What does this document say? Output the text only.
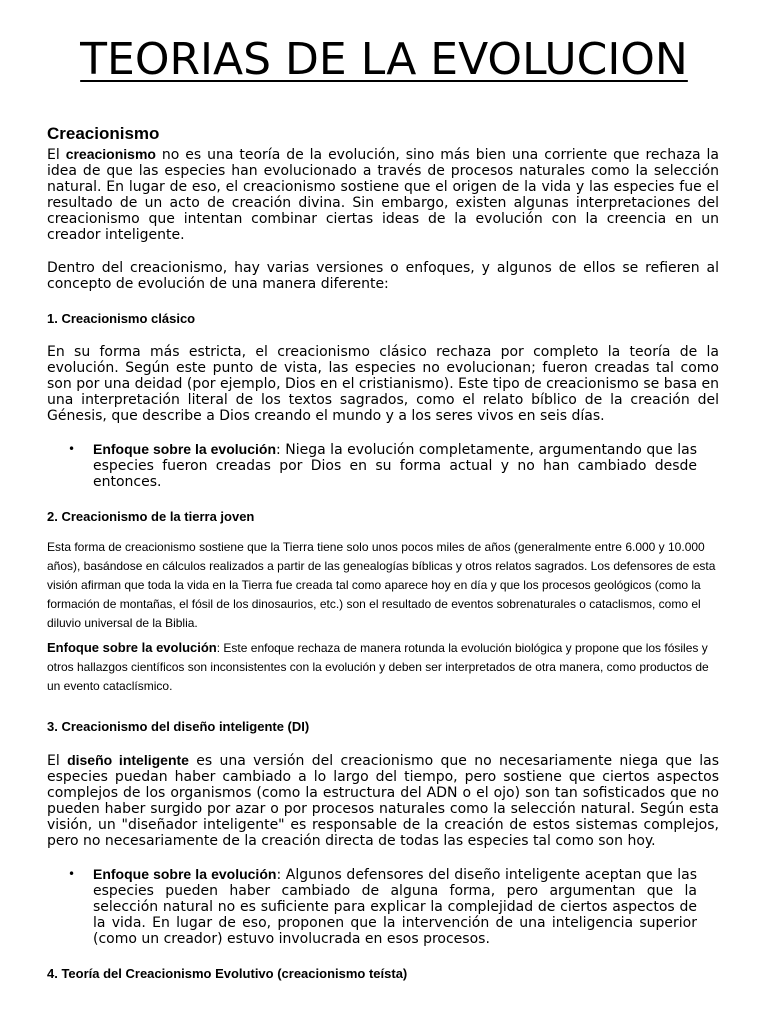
TEORIAS DE LA EVOLUCION
Creacionismo

El creacionismo no es una teoría de la evolución, sino más bien una corriente que rechaza la idea de que las especies han evolucionado a través de procesos naturales como la selección natural. En lugar de eso, el creacionismo sostiene que el origen de la vida y las especies fue el resultado de un acto de creación divina. Sin embargo, existen algunas interpretaciones del creacionismo que intentan combinar ciertas ideas de la evolución con la creencia en un creador inteligente.

Dentro del creacionismo, hay varias versiones o enfoques, y algunos de ellos se refieren al concepto de evolución de una manera diferente:

1. Creacionismo clásico

En su forma más estricta, el creacionismo clásico rechaza por completo la teoría de la evolución. Según este punto de vista, las especies no evolucionan; fueron creadas tal como son por una deidad (por ejemplo, Dios en el cristianismo). Este tipo de creacionismo se basa en una interpretación literal de los textos sagrados, como el relato bíblico de la creación del Génesis, que describe a Dios creando el mundo y a los seres vivos en seis días.

• Enfoque sobre la evolución: Niega la evolución completamente, argumentando que las especies fueron creadas por Dios en su forma actual y no han cambiado desde entonces.
2. Creacionismo de la tierra joven

Esta forma de creacionismo sostiene que la Tierra tiene solo unos pocos miles de años (generalmente entre 6.000 y 10.000 años), basándose en cálculos realizados a partir de las genealogías bíblicas y otros relatos sagrados. Los defensores de esta visión afirman que toda la vida en la Tierra fue creada tal como aparece hoy en día y que los procesos geológicos (como la formación de montañas, el fósil de los dinosaurios, etc.) son el resultado de eventos sobrenaturales o cataclismos, como el diluvio universal de la Biblia.

Enfoque sobre la evolución: Este enfoque rechaza de manera rotunda la evolución biológica y propone que los fósiles y otros hallazgos científicos son inconsistentes con la evolución y deben ser interpretados de otra manera, como productos de un evento cataclísmico.

3. Creacionismo del diseño inteligente (DI)

El diseño inteligente es una versión del creacionismo que no necesariamente niega que las especies puedan haber cambiado a lo largo del tiempo, pero sostiene que ciertos aspectos complejos de los organismos (como la estructura del ADN o el ojo) son tan sofisticados que no pueden haber surgido por azar o por procesos naturales como la selección natural. Según esta visión, un "diseñador inteligente" es responsable de la creación de estos sistemas complejos, pero no necesariamente de la creación directa de todas las especies tal como son hoy.

• Enfoque sobre la evolución: Algunos defensores del diseño inteligente aceptan que las especies pueden haber cambiado de alguna forma, pero argumentan que la selección natural no es suficiente para explicar la complejidad de ciertos aspectos de la vida. En lugar de eso, proponen que la intervención de una inteligencia superior (como un creador) estuvo involucrada en esos procesos.
4. Teoría del Creacionismo Evolutivo (creacionismo teísta)
